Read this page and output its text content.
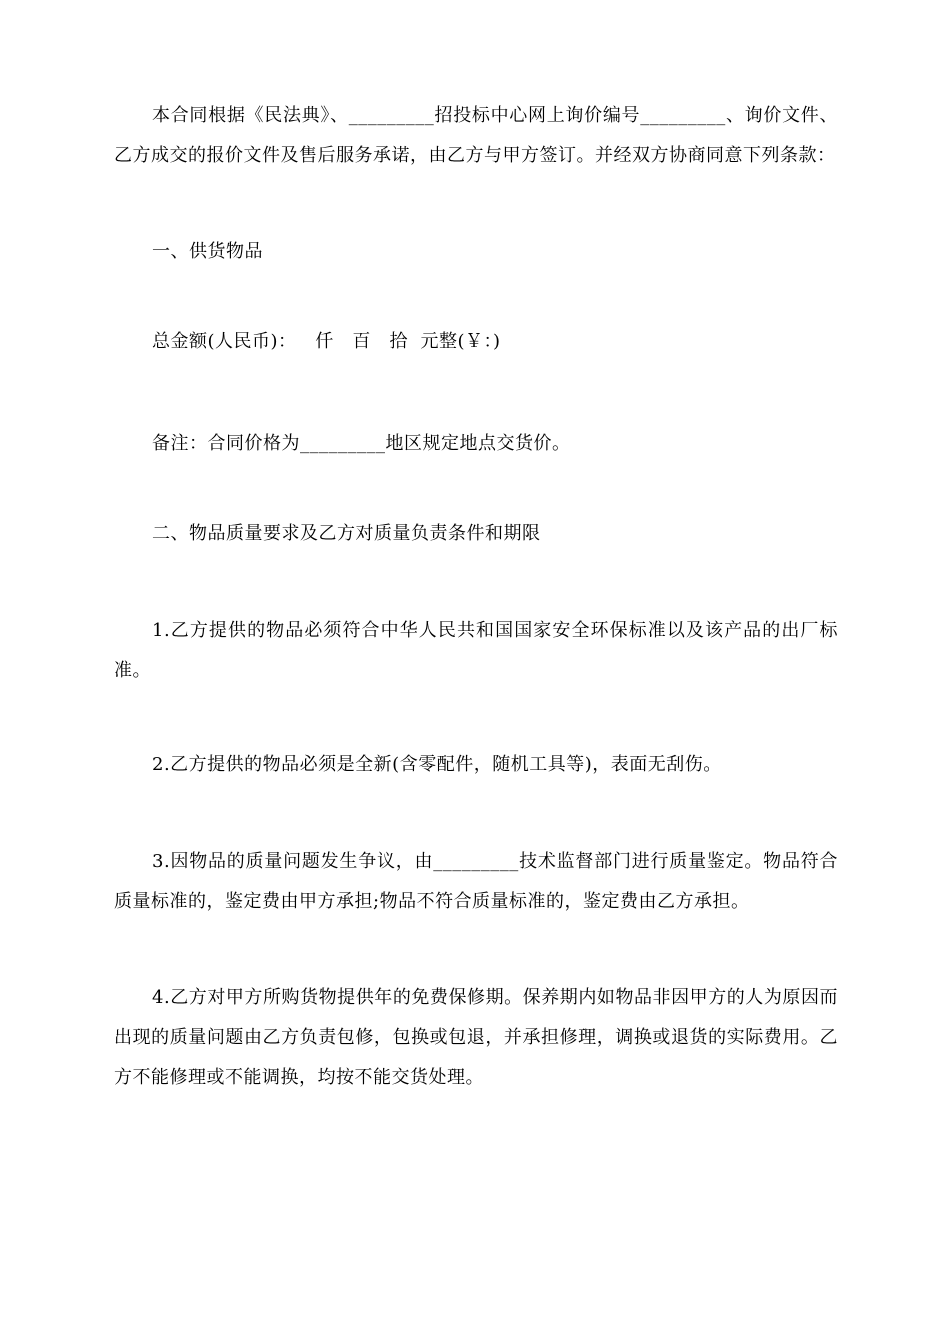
本合同根据《民法典》、_________招投标中心网上询价编号_________、询价文件、乙方成交的报价文件及售后服务承诺，由乙方与甲方签订。并经双方协商同意下列条款：

一、供货物品

总金额(人民币)：   仟   百   拾  元整(￥：)

备注：合同价格为_________地区规定地点交货价。

二、物品质量要求及乙方对质量负责条件和期限

1.乙方提供的物品必须符合中华人民共和国国家安全环保标准以及该产品的出厂标准。

2.乙方提供的物品必须是全新(含零配件，随机工具等)，表面无刮伤。

3.因物品的质量问题发生争议，由_________技术监督部门进行质量鉴定。物品符合质量标准的，鉴定费由甲方承担;物品不符合质量标准的，鉴定费由乙方承担。

4.乙方对甲方所购货物提供年的免费保修期。保养期内如物品非因甲方的人为原因而出现的质量问题由乙方负责包修，包换或包退，并承担修理，调换或退货的实际费用。乙方不能修理或不能调换，均按不能交货处理。
